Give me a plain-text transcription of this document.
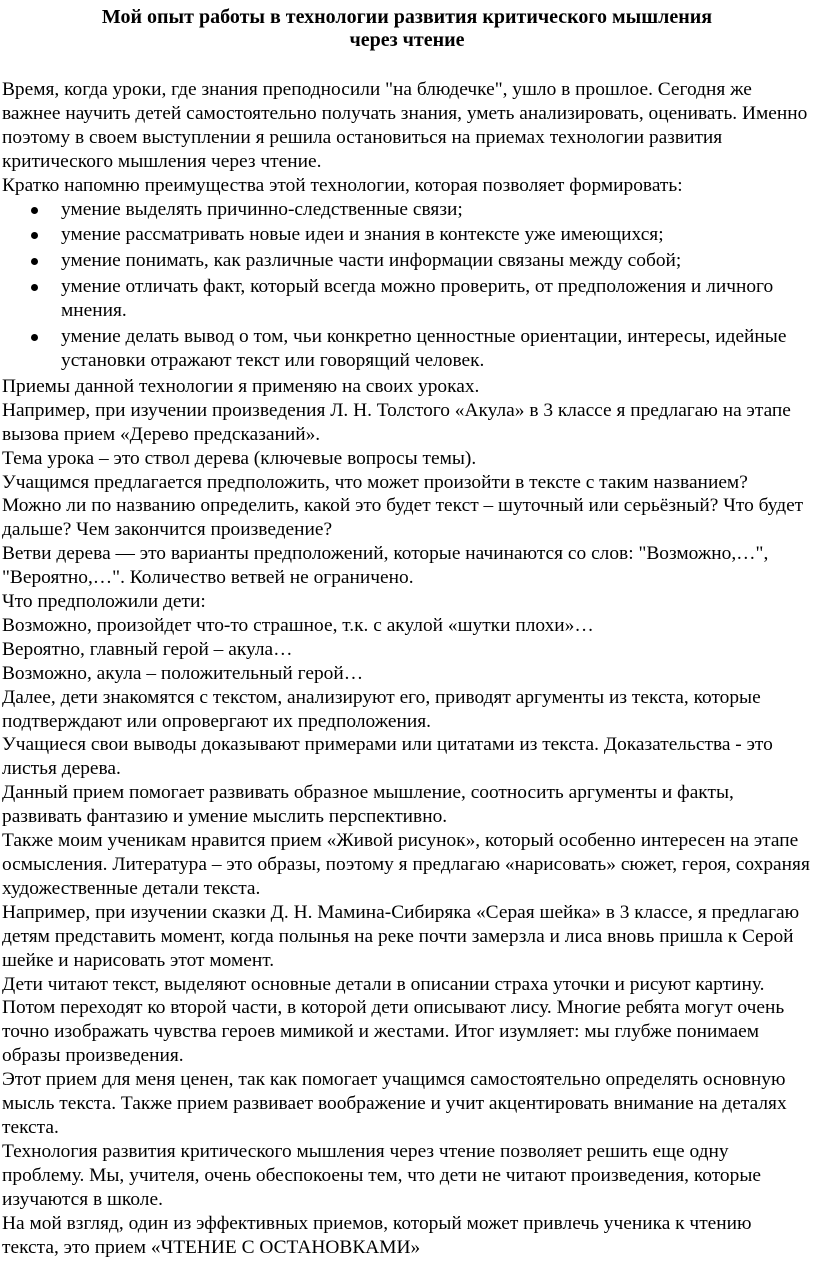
Мой опыт работы в технологии развития критического мышления
через чтение

Время, когда уроки, где знания преподносили "на блюдечке", ушло в прошлое. Сегодня же важнее научить детей самостоятельно получать знания, уметь анализировать, оценивать. Именно поэтому в своем выступлении я решила остановиться на приемах технологии развития критического мышления через чтение.

Кратко напомню преимущества этой технологии, которая позволяет формировать:

умение выделять причинно-следственные связи;
умение рассматривать новые идеи и знания в контексте уже имеющихся;
умение понимать, как различные части информации связаны между собой;
умение отличать факт, который всегда можно проверить, от предположения и личного мнения.
умение делать вывод о том, чьи конкретно ценностные ориентации, интересы, идейные установки отражают текст или говорящий человек.

Приемы данной технологии я применяю на своих уроках.

Например, при изучении произведения Л. Н. Толстого «Акула» в 3 классе я предлагаю на этапе вызова прием «Дерево предсказаний».

Тема урока – это ствол дерева (ключевые вопросы темы).

Учащимся предлагается предположить, что может произойти в тексте с таким названием? Можно ли по названию определить, какой это будет текст – шуточный или серьёзный? Что будет дальше? Чем закончится произведение?

Ветви дерева — это варианты предположений, которые начинаются со слов: "Возможно,…", "Вероятно,…". Количество ветвей не ограничено.

Что предположили дети:

Возможно, произойдет что-то страшное, т.к. с акулой «шутки плохи»…

Вероятно, главный герой – акула…

Возможно, акула – положительный герой…

Далее, дети знакомятся с текстом, анализируют его, приводят аргументы из текста, которые подтверждают или опровергают их предположения.

Учащиеся свои выводы доказывают примерами или цитатами из текста. Доказательства - это листья дерева.

Данный прием помогает развивать образное мышление, соотносить аргументы и факты, развивать фантазию и умение мыслить перспективно.

Также моим ученикам нравится прием «Живой рисунок», который особенно интересен на этапе осмысления. Литература – это образы, поэтому я предлагаю «нарисовать» сюжет, героя, сохраняя художественные детали текста.

Например, при изучении сказки Д. Н. Мамина-Сибиряка «Серая шейка» в 3 классе, я предлагаю детям представить момент, когда полынья на реке почти замерзла и лиса вновь пришла к Серой шейке и нарисовать этот момент.

Дети читают текст, выделяют основные детали в описании страха уточки и рисуют картину. Потом переходят ко второй части, в которой дети описывают лису. Многие ребята могут очень точно изображать чувства героев мимикой и жестами. Итог изумляет: мы глубже понимаем образы произведения.

Этот прием для меня ценен, так как помогает учащимся самостоятельно определять основную мысль текста. Также прием развивает воображение и учит акцентировать внимание на деталях текста.

Технология развития критического мышления через чтение позволяет решить еще одну проблему. Мы, учителя, очень обеспокоены тем, что дети не читают произведения, которые изучаются в школе.

На мой взгляд, один из эффективных приемов, который может привлечь ученика к чтению текста, это прием «ЧТЕНИЕ С ОСТАНОВКАМИ»
